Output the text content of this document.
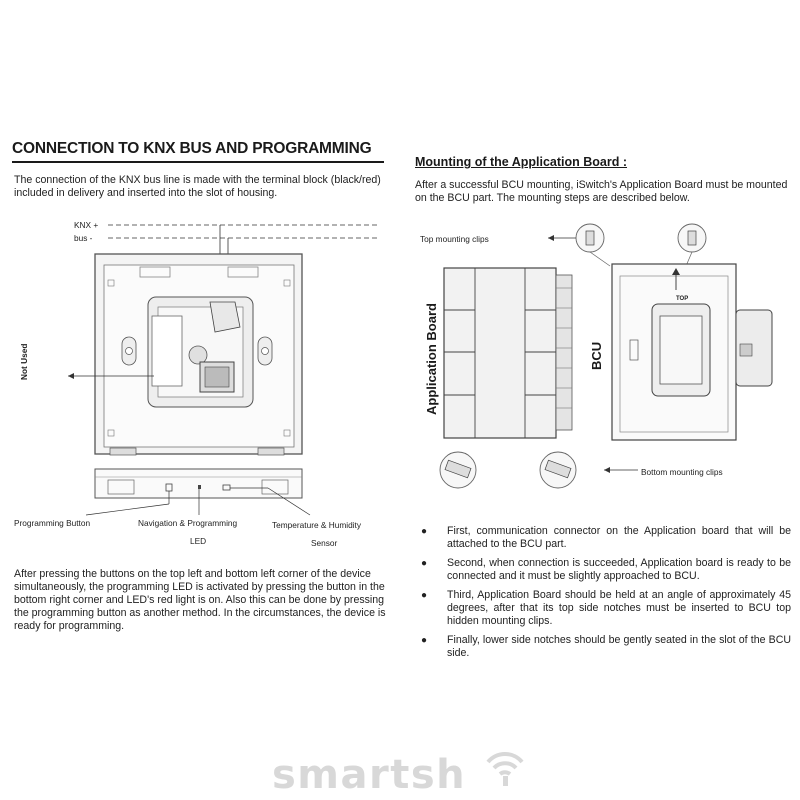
CONNECTION TO KNX BUS AND PROGRAMMING
The connection of the KNX bus line is made with the terminal block (black/red) included in delivery and inserted into the slot of housing.
KNX +
bus -
Not Used
Programming Button	Navigation & Programming
LED
Temperature & Humidity
Sensor
After pressing the buttons on the top left and bottom left corner of the device simultaneously, the programming LED is activated by pressing the button in the bottom right corner and LED's red light is on. Also this can be done by pressing the programming button as another method. In the circumstances, the device is ready for programming.
Mounting of the Application Board :
After a successful BCU mounting, iSwitch's Application Board must be mounted on the BCU part. The mounting steps are described below.
Top mounting clips
Bottom mounting clips
Application Board	BCU
TOP
● First, communication connector on the Application board that will be attached to the BCU part.
● Second, when connection is succeeded, Application board is ready to be connected and it must be slightly approached to BCU.
● Third, Application Board should be held at an angle of approximately 45 degrees, after that its top side notches must be inserted to BCU top hidden mounting clips.
● Finally, lower side notches should be gently seated in the slot of the BCU side.
smartsh
